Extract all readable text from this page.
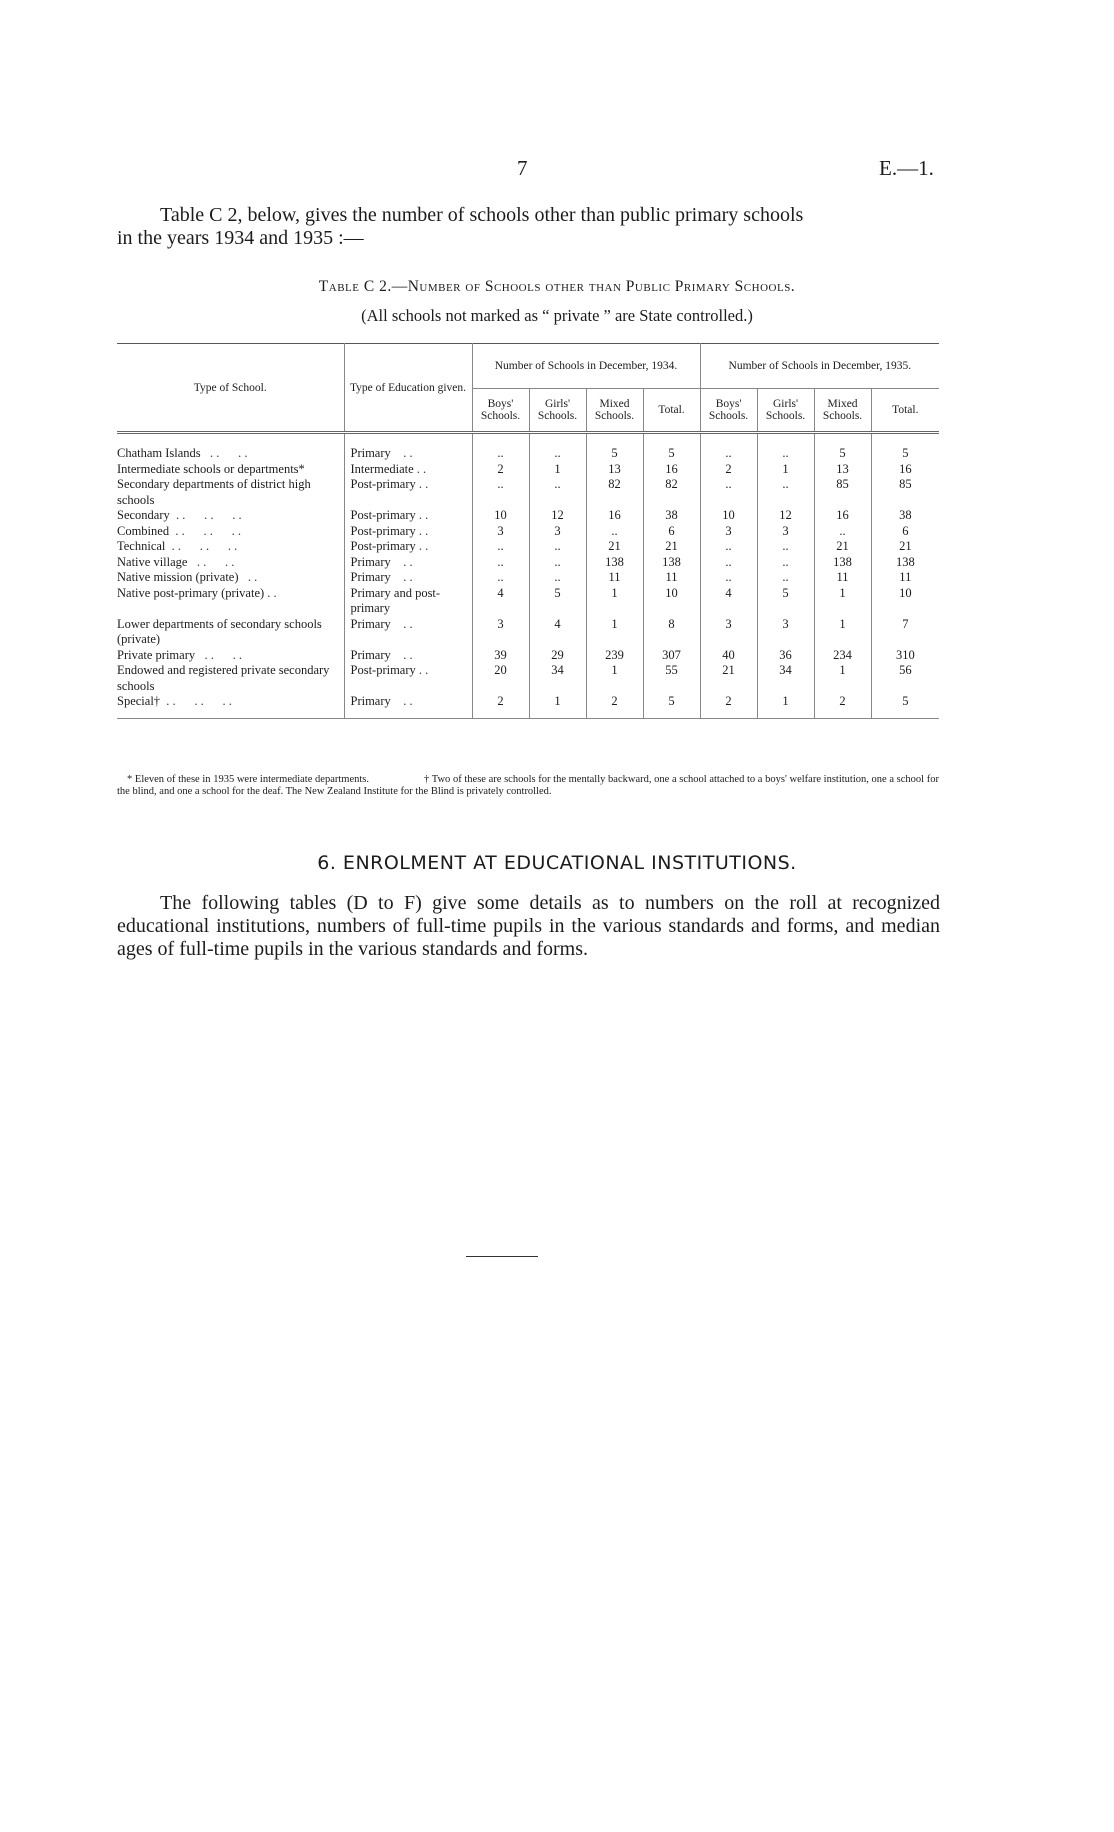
7	E.—1.
Table C 2, below, gives the number of schools other than public primary schools
in the years 1934 and 1935 :—
Table C 2.—Number of Schools other than Public Primary Schools.
(All schools not marked as “ private ” are State controlled.)
Type of School.	Type of Education given.	Number of Schools in December, 1934.				Number of Schools in December, 1935.			
		Boys' Schools.	Girls' Schools.	Mixed Schools.	Total.	Boys' Schools.	Girls' Schools.	Mixed Schools.	Total.
Chatham Islands   . .      . .	Primary    . .	..	..	5	5	..	..	5	5
Intermediate schools or departments*	Intermediate . .	2	1	13	16	2	1	13	16
Secondary departments of district high schools	Post-primary . .	..	..	82	82	..	..	85	85
Secondary  . .      . .      . .	Post-primary . .	10	12	16	38	10	12	16	38
Combined  . .      . .      . .	Post-primary . .	3	3	..	6	3	3	..	6
Technical  . .      . .      . .	Post-primary . .	..	..	21	21	..	..	21	21
Native village   . .      . .	Primary    . .	..	..	138	138	..	..	138	138
Native mission (private)   . .	Primary    . .	..	..	11	11	..	..	11	11
Native post-primary (private) . .	Primary and post-primary	4	5	1	10	4	5	1	10
Lower departments of secondary schools (private)	Primary    . .	3	4	1	8	3	3	1	7
Private primary   . .      . .	Primary    . .	39	29	239	307	40	36	234	310
Endowed and registered private secondary schools	Post-primary . .	20	34	1	55	21	34	1	56
Special†  . .      . .      . .	Primary    . .	2	1	2	5	2	1	2	5
* Eleven of these in 1935 were intermediate departments.	† Two of these are schools for the mentally backward, one a school attached to a boys' welfare institution, one a school for the blind, and one a school for the deaf. The New Zealand Institute for the Blind is privately controlled.
6. ENROLMENT AT EDUCATIONAL INSTITUTIONS.
The following tables (D to F) give some details as to numbers on the roll at recognized educational institutions, numbers of full-time pupils in the various standards and forms, and median ages of full-time pupils in the various standards and forms.
